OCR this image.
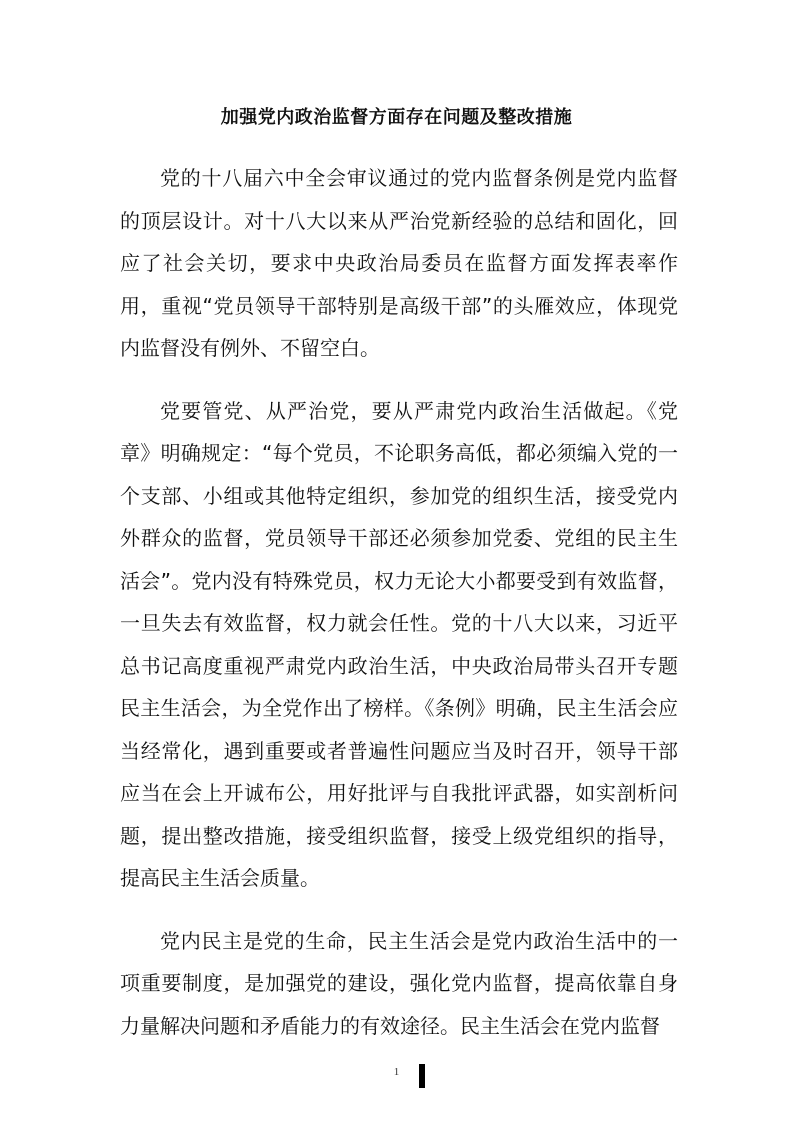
加强党内政治监督方面存在问题及整改措施

党的十八届六中全会审议通过的党内监督条例是党内监督的顶层设计。对十八大以来从严治党新经验的总结和固化，回应了社会关切，要求中央政治局委员在监督方面发挥表率作用，重视“党员领导干部特别是高级干部”的头雁效应，体现党内监督没有例外、不留空白。

党要管党、从严治党，要从严肃党内政治生活做起。《党章》明确规定：“每个党员，不论职务高低，都必须编入党的一个支部、小组或其他特定组织，参加党的组织生活，接受党内外群众的监督，党员领导干部还必须参加党委、党组的民主生活会”。党内没有特殊党员，权力无论大小都要受到有效监督，一旦失去有效监督，权力就会任性。党的十八大以来，习近平总书记高度重视严肃党内政治生活，中央政治局带头召开专题民主生活会，为全党作出了榜样。《条例》明确，民主生活会应当经常化，遇到重要或者普遍性问题应当及时召开，领导干部应当在会上开诚布公，用好批评与自我批评武器，如实剖析问题，提出整改措施，接受组织监督，接受上级党组织的指导，提高民主生活会质量。

党内民主是党的生命，民主生活会是党内政治生活中的一项重要制度，是加强党的建设，强化党内监督，提高依靠自身力量解决问题和矛盾能力的有效途径。民主生活会在党内监督

1
